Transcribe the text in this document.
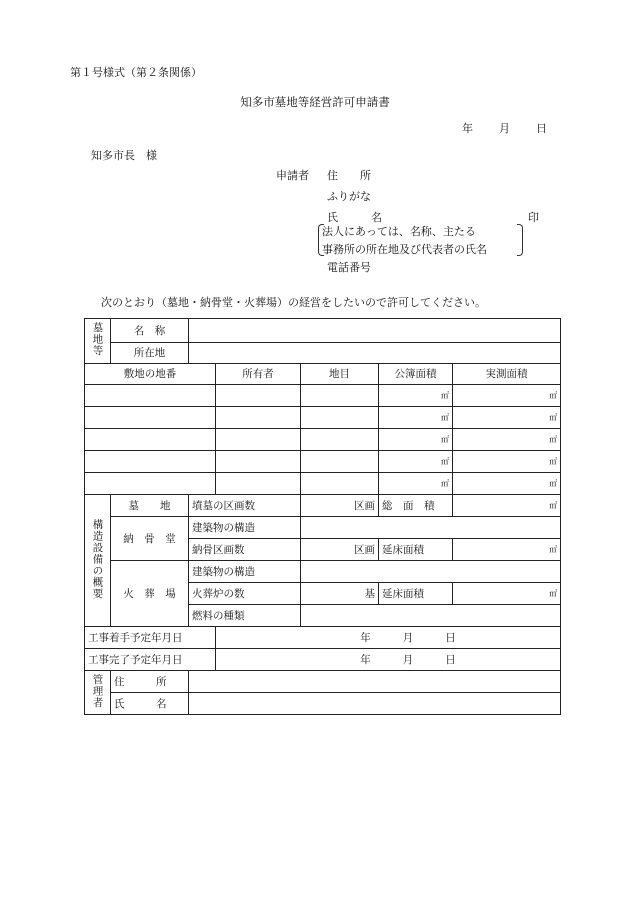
第１号様式（第２条関係）
知多市墓地等経営許可申請書
年 月 日
知多市長　様
申請者 住　　所
ふりがな
氏　　　名	印
法人にあっては、名称、主たる
事務所の所在地及び代表者の氏名
電話番号
次のとおり（墓地・納骨堂・火葬場）の経営をしたいので許可してください。
墓地等	名　称					
	所在地					
敷地の地番			所有者	地目	公簿面積	実測面積
					㎡	㎡
					㎡	㎡
					㎡	㎡
					㎡	㎡
					㎡	㎡
構造設備の概要	墓　　地	墳墓の区画数		区画	総　面　積	㎡
	納　骨　堂	建築物の構造				
		納骨区画数		区画	延床面積	㎡
	火　葬　場	建築物の構造				
		火葬炉の数		基	延床面積	㎡
		燃料の種類				
工事着手予定年月日			年 月 日			
工事完了予定年月日			年 月 日			
管理者	住　　　所					
	氏　　　名					
